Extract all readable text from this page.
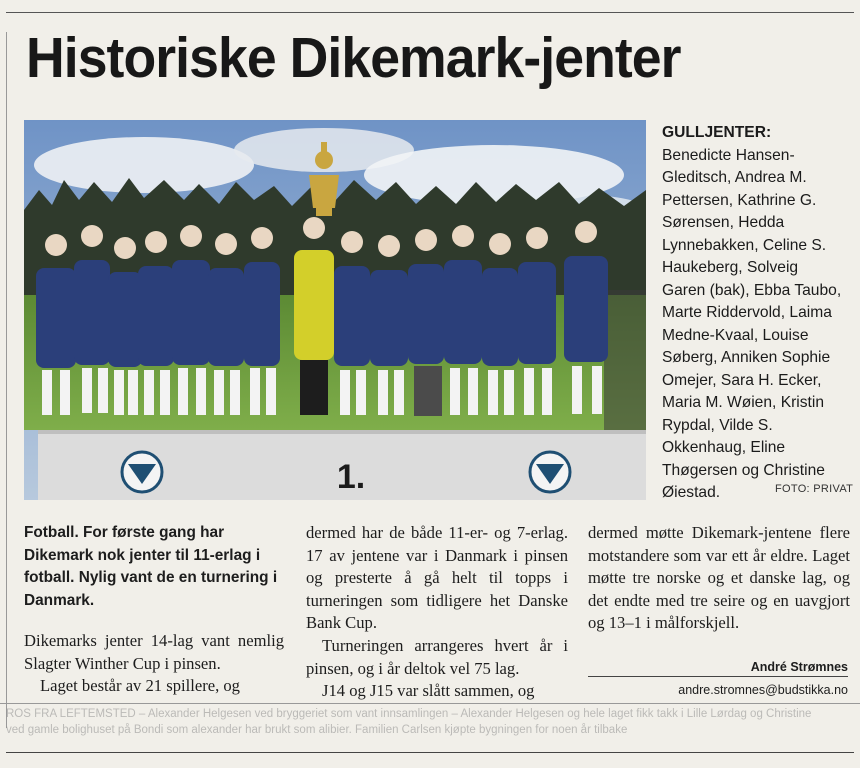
Historiske Dikemark-jenter
1.
GULLJENTER: Benedicte Hansen-Gleditsch, Andrea M. Pettersen, Kathrine G. Sørensen, Hedda Lynnebakken, Celine S. Haukeberg, Solveig Garen (bak), Ebba Taubo, Marte Riddervold, Laima Medne-Kvaal, Louise Søberg, Anniken Sophie Omejer, Sara H. Ecker, Maria M. Wøien, Kristin Rypdal, Vilde S. Okkenhaug, Eline Thøgersen og Christine Øiestad.	FOTO: PRIVAT

Fotball. For første gang har Dikemark nok jenter til 11-erlag i fotball. Nylig vant de en turnering i Danmark.

Dikemarks jenter 14-lag vant nemlig Slagter Winther Cup i pinsen.

Laget består av 21 spillere, og

dermed har de både 11-er- og 7-erlag. 17 av jentene var i Danmark i pinsen og presterte å gå helt til topps i turneringen som tidligere het Danske Bank Cup.

Turneringen arrangeres hvert år i pinsen, og i år deltok vel 75 lag.

J14 og J15 var slått sammen, og

dermed møtte Dikemark-jentene flere motstandere som var ett år eldre. Laget møtte tre norske og et danske lag, og det endte med tre seire og en uavgjort og 13–1 i målforskjell.

André Strømnes
andre.stromnes@budstikka.no
ROS FRA LEFTEMSTED – Alexander Helgesen ved bryggeriet som vant innsamlingen – Alexander Helgesen og hele laget fikk takk i Lille Lørdag og Christine
ved gamle bolighuset på Bondi som alexander har brukt som alibier. Familien Carlsen kjøpte bygningen for noen år tilbake
